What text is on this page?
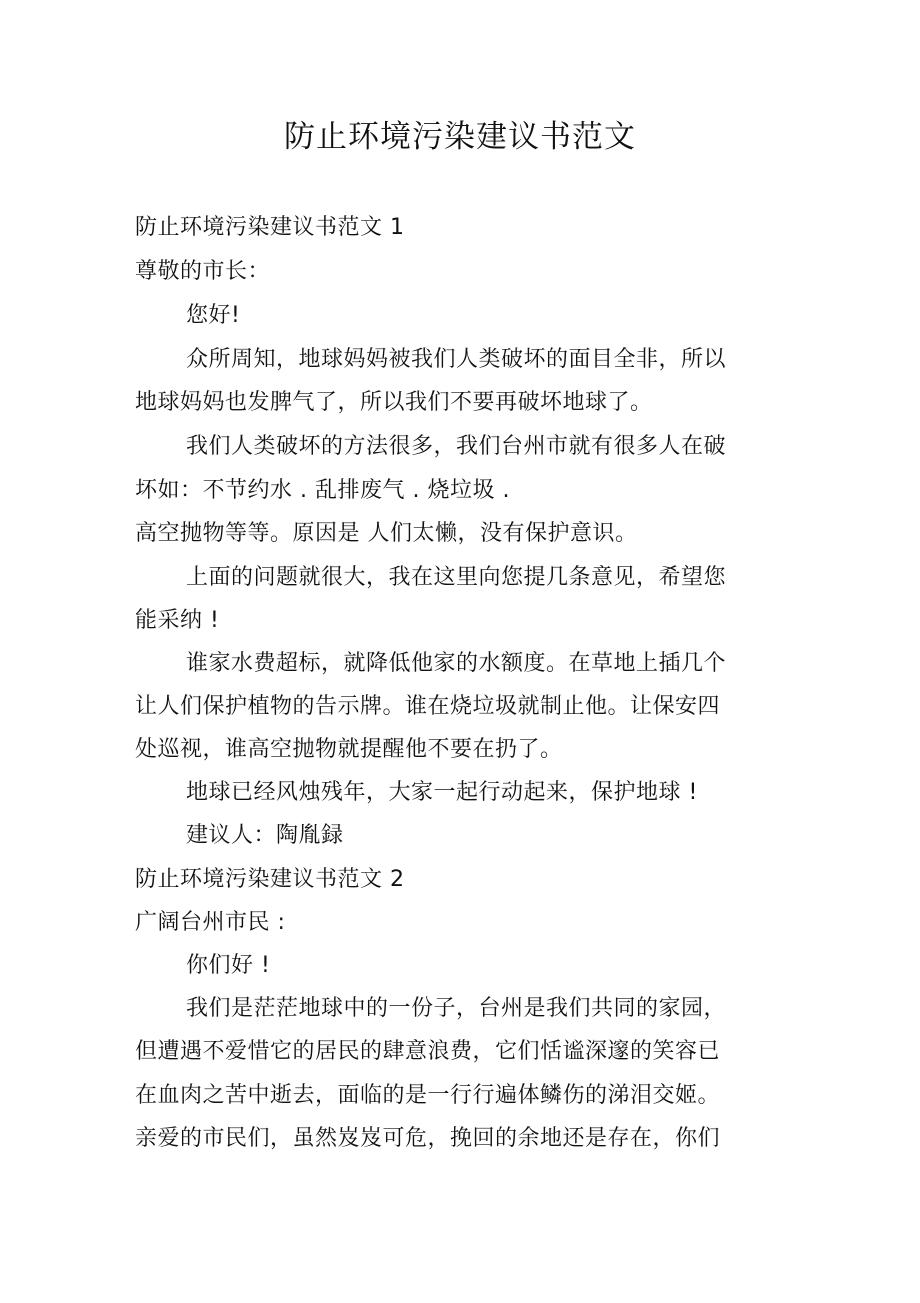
防止环境污染建议书范文

防止环境污染建议书范文 1

尊敬的市长：

您好!

众所周知，地球妈妈被我们人类破坏的面目全非，所以

地球妈妈也发脾气了，所以我们不要再破坏地球了。

我们人类破坏的方法很多，我们台州市就有很多人在破

坏如：不节约水 . 乱排废气 . 烧垃圾 .

高空抛物等等。原因是 人们太懒，没有保护意识。

上面的问题就很大，我在这里向您提几条意见，希望您

能采纳 !

谁家水费超标，就降低他家的水额度。在草地上插几个

让人们保护植物的告示牌。谁在烧垃圾就制止他。让保安四

处巡视，谁高空抛物就提醒他不要在扔了。

地球已经风烛残年，大家一起行动起来，保护地球 !

建议人：陶胤録

防止环境污染建议书范文 2

广阔台州市民 :

你们好 !

我们是茫茫地球中的一份子，台州是我们共同的家园，

但遭遇不爱惜它的居民的肆意浪费，它们恬谧深邃的笑容已

在血肉之苦中逝去，面临的是一行行遍体鳞伤的涕泪交姬。

亲爱的市民们，虽然岌岌可危，挽回的余地还是存在，你们
